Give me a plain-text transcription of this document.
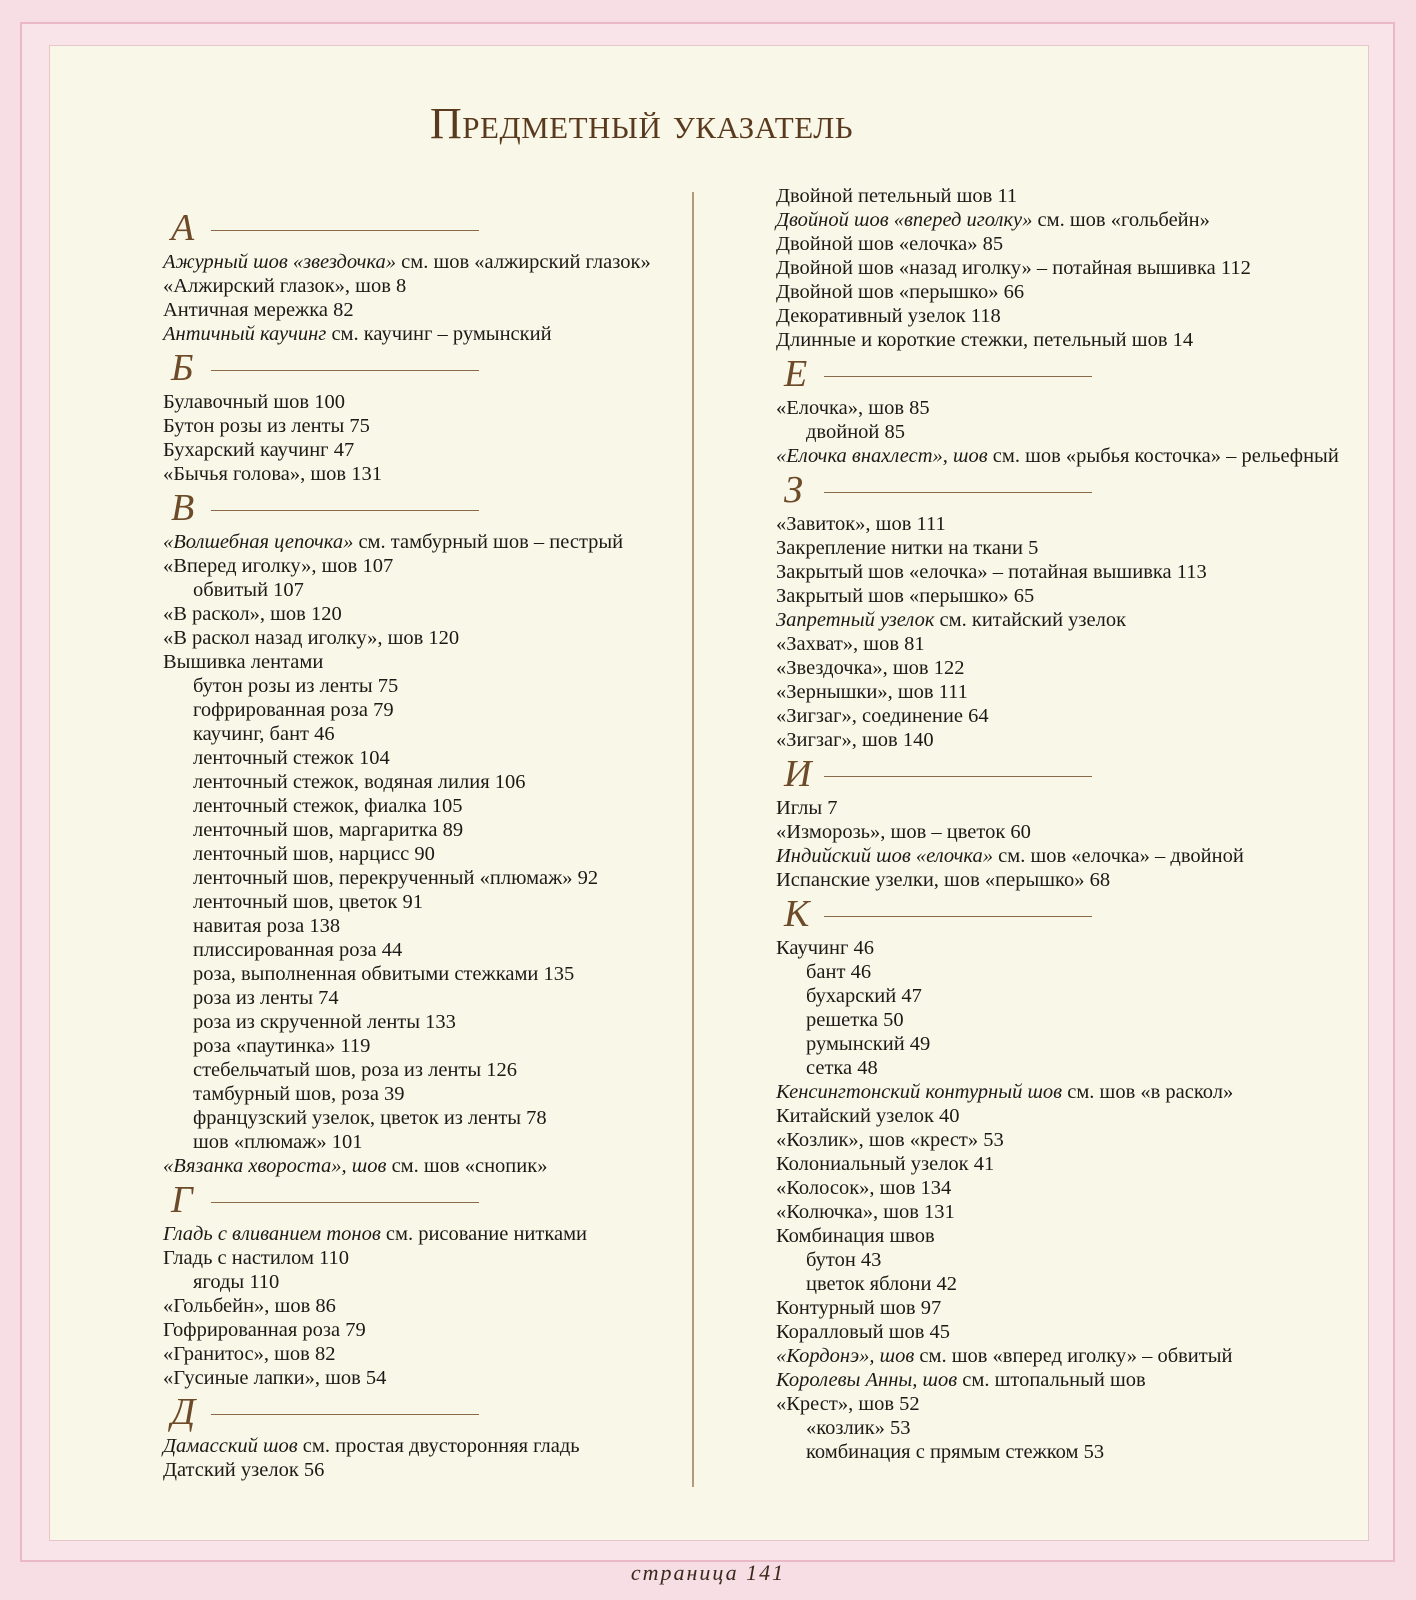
Предметный указатель
А
Ажурный шов «звездочка» см. шов «алжирский глазок»
«Алжирский глазок», шов 8
Античная мережка 82
Античный каучинг см. каучинг – румынский
Б
Булавочный шов 100
Бутон розы из ленты 75
Бухарский каучинг 47
«Бычья голова», шов 131
В
«Волшебная цепочка» см. тамбурный шов – пестрый
«Вперед иголку», шов 107
обвитый 107
«В раскол», шов 120
«В раскол назад иголку», шов 120
Вышивка лентами
бутон розы из ленты 75
гофрированная роза 79
каучинг, бант 46
ленточный стежок 104
ленточный стежок, водяная лилия 106
ленточный стежок, фиалка 105
ленточный шов, маргаритка 89
ленточный шов, нарцисс 90
ленточный шов, перекрученный «плюмаж» 92
ленточный шов, цветок 91
навитая роза 138
плиссированная роза 44
роза, выполненная обвитыми стежками 135
роза из ленты 74
роза из скрученной ленты 133
роза «паутинка» 119
стебельчатый шов, роза из ленты 126
тамбурный шов, роза 39
французский узелок, цветок из ленты 78
шов «плюмаж» 101
«Вязанка хвороста», шов см. шов «снопик»
Г
Гладь с вливанием тонов см. рисование нитками
Гладь с настилом 110
ягоды 110
«Гольбейн», шов 86
Гофрированная роза 79
«Гранитос», шов 82
«Гусиные лапки», шов 54
Д
Дамасский шов см. простая двусторонняя гладь
Датский узелок 56
Двойной петельный шов 11
Двойной шов «вперед иголку» см. шов «гольбейн»
Двойной шов «елочка» 85
Двойной шов «назад иголку» – потайная вышивка 112
Двойной шов «перышко» 66
Декоративный узелок 118
Длинные и короткие стежки, петельный шов 14
Е
«Елочка», шов 85
двойной 85
«Елочка внахлест», шов см. шов «рыбья косточка» – рельефный
З
«Завиток», шов 111
Закрепление нитки на ткани 5
Закрытый шов «елочка» – потайная вышивка 113
Закрытый шов «перышко» 65
Запретный узелок см. китайский узелок
«Захват», шов 81
«Звездочка», шов 122
«Зернышки», шов 111
«Зигзаг», соединение 64
«Зигзаг», шов 140
И
Иглы 7
«Изморозь», шов – цветок 60
Индийский шов «елочка» см. шов «елочка» – двойной
Испанские узелки, шов «перышко» 68
К
Каучинг 46
бант 46
бухарский 47
решетка 50
румынский 49
сетка 48
Кенсингтонский контурный шов см. шов «в раскол»
Китайский узелок 40
«Козлик», шов «крест» 53
Колониальный узелок 41
«Колосок», шов 134
«Колючка», шов 131
Комбинация швов
бутон 43
цветок яблони 42
Контурный шов 97
Коралловый шов 45
«Кордонэ», шов см. шов «вперед иголку» – обвитый
Королевы Анны, шов см. штопальный шов
«Крест», шов 52
«козлик» 53
комбинация с прямым стежком 53
страница 141
